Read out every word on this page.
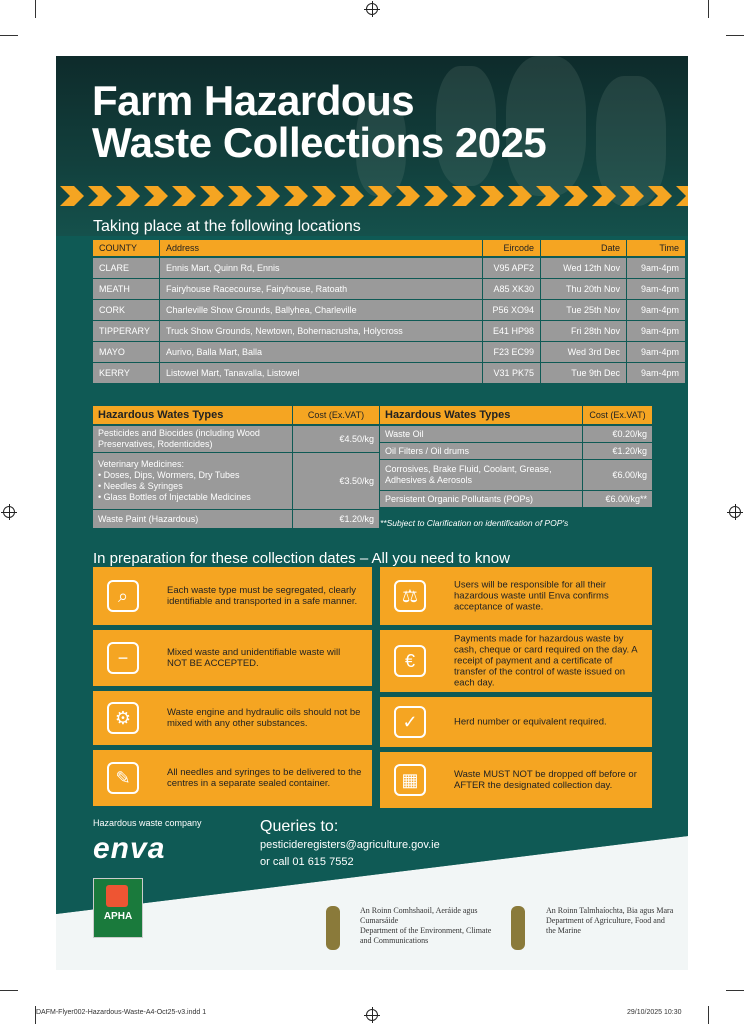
Farm Hazardous
Waste Collections 2025
Taking place at the following locations
COUNTY	Address	Eircode	Date	Time
CLARE	Ennis Mart, Quinn Rd, Ennis	V95 APF2	Wed 12th Nov	9am-4pm
MEATH	Fairyhouse Racecourse, Fairyhouse, Ratoath	A85 XK30	Thu 20th Nov	9am-4pm
CORK	Charleville Show Grounds, Ballyhea, Charleville	P56 XO94	Tue 25th Nov	9am-4pm
TIPPERARY	Truck Show Grounds, Newtown, Bohernacrusha, Holycross	E41 HP98	Fri 28th Nov	9am-4pm
MAYO	Aurivo, Balla Mart, Balla	F23 EC99	Wed 3rd Dec	9am-4pm
KERRY	Listowel Mart, Tanavalla, Listowel	V31 PK75	Tue 9th Dec	9am-4pm
Hazardous Wates Types	Cost (Ex.VAT)
Pesticides and Biocides (including Wood Preservatives, Rodenticides)	€4.50/kg
Veterinary Medicines:
• Doses, Dips, Wormers, Dry Tubes
• Needles & Syringes
• Glass Bottles of Injectable Medicines
€3.50/kg
Waste Paint (Hazardous)	€1.20/kg
Hazardous Wates Types	Cost (Ex.VAT)
Waste Oil	€0.20/kg
Oil Filters / Oil drums	€1.20/kg
Corrosives, Brake Fluid, Coolant, Grease, Adhesives & Aerosols	€6.00/kg
Persistent Organic Pollutants (POPs)	€6.00/kg**
**Subject to Clarification on identification of POP's
In preparation for these collection dates – All you need to know
⌕	Each waste type must be segregated, clearly identifiable and transported in a safe manner.
−	Mixed waste and unidentifiable waste will NOT BE ACCEPTED.
⚙	Waste engine and hydraulic oils should not be mixed with any other substances.
✎	All needles and syringes to be delivered to the centres in a separate sealed container.
⚖
Users will be responsible for all their hazardous waste until Enva confirms acceptance of waste.
€
Payments made for hazardous waste by cash, cheque or card required on the day. A receipt of payment and a certificate of transfer of the control of waste issued on each day.
✓	Herd number or equivalent required.
▦	Waste MUST NOT be dropped off before or AFTER the designated collection day.
Hazardous waste company
enva
Queries to:
pesticideregisters@agriculture.gov.ie
or call 01 615 7552
APHA
An Roinn Comhshaoil, Aeráide agus Cumarsáide
Department of the Environment, Climate and Communications
An Roinn Talmhaíochta, Bia agus Mara
Department of Agriculture, Food and the Marine
DAFM-Flyer002-Hazardous-Waste-A4-Oct25-v3.indd 1	29/10/2025 10:30
